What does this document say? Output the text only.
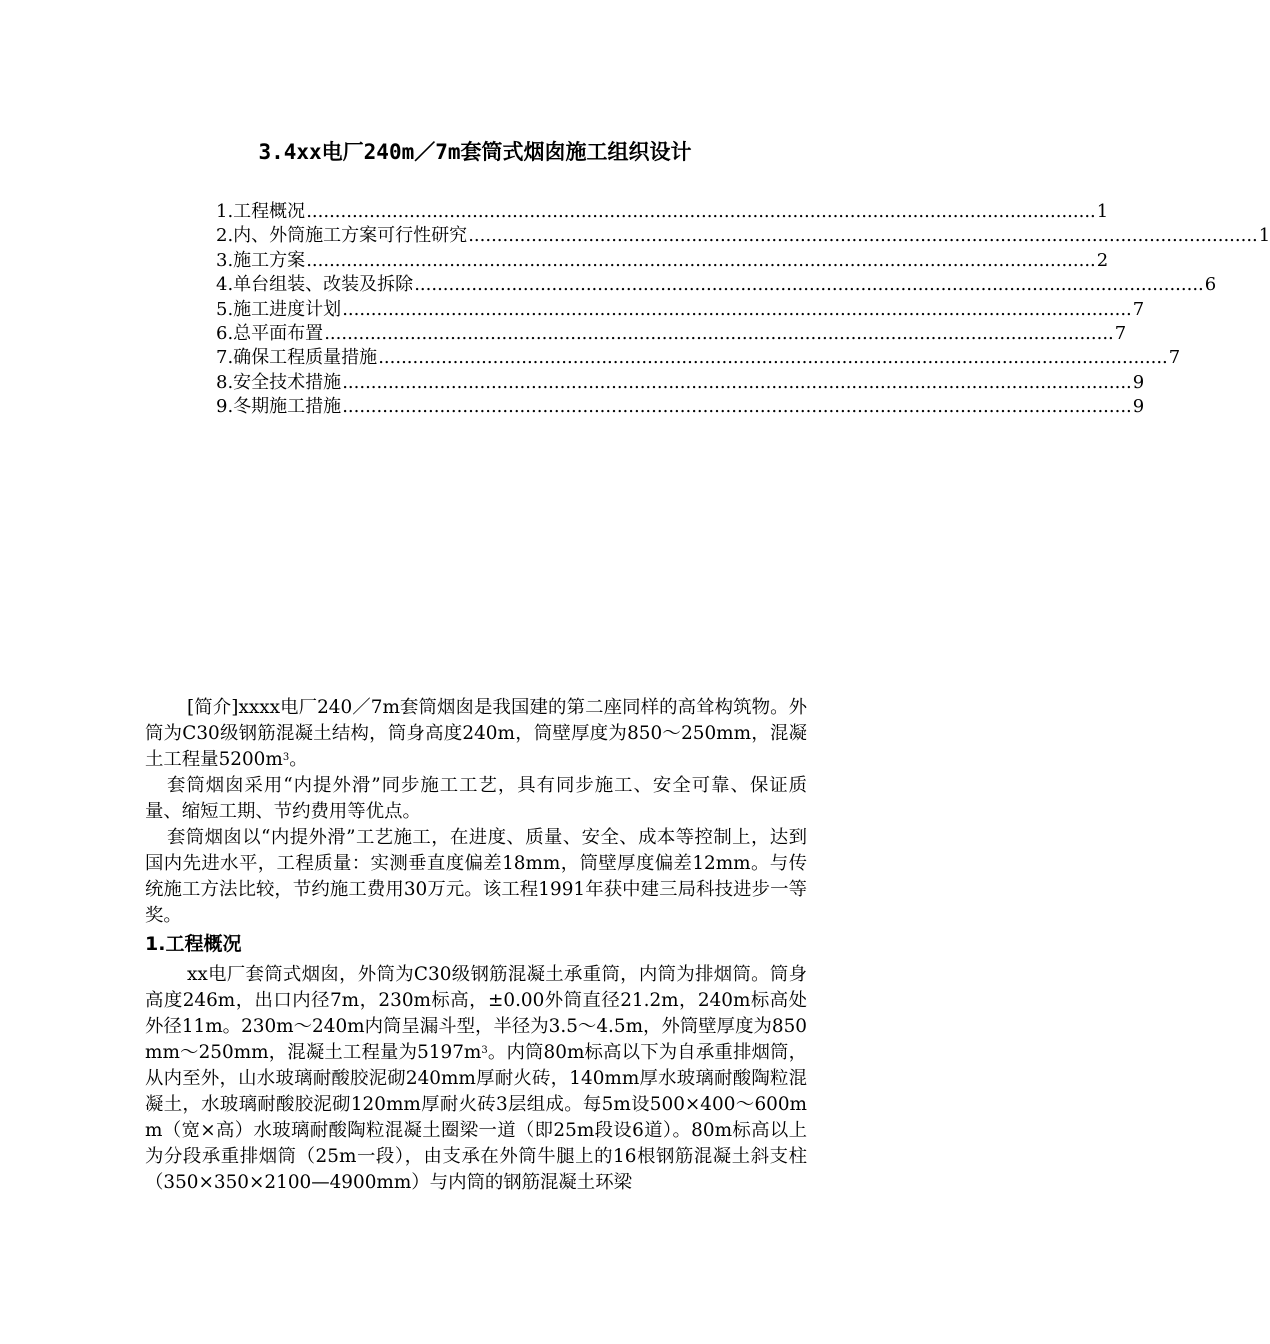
3.4xx电厂240m／7m套筒式烟囱施工组织设计
1.工程概况 .......................................................................................................................................... 1
2.内、外筒施工方案可行性研究 .......................................................................................................................................... 1
3.施工方案 .......................................................................................................................................... 2
4.单台组装、改装及拆除 .......................................................................................................................................... 6
5.施工进度计划 .......................................................................................................................................... 7
6.总平面布置 .......................................................................................................................................... 7
7.确保工程质量措施 .......................................................................................................................................... 7
8.安全技术措施 .......................................................................................................................................... 9
9.冬期施工措施 .......................................................................................................................................... 9

[简介]xxxx电厂240／7m套筒烟囱是我国建的第二座同样的高耸构筑物。外筒为C30级钢筋混凝土结构，筒身高度240m，筒壁厚度为850～250mm，混凝土工程量$5200m^3$。

套筒烟囱采用“内提外滑”同步施工工艺，具有同步施工、安全可靠、保证质量、缩短工期、节约费用等优点。

套筒烟囱以“内提外滑”工艺施工，在进度、质量、安全、成本等控制上，达到国内先进水平，工程质量：实测垂直度偏差18mm，筒壁厚度偏差12mm。与传统施工方法比较，节约施工费用30万元。该工程1991年获中建三局科技进步一等奖。

1.工程概况

xx电厂套筒式烟囱，外筒为C30级钢筋混凝土承重筒，内筒为排烟筒。筒身高度246m，出口内径7m，230m标高，±0.00外筒直径21.2m，240m标高处外径11m。230m～240m内筒呈漏斗型，半径为3.5～4.5m，外筒壁厚度为850mm～250mm，混凝土工程量为$5197m^3$。内筒80m标高以下为自承重排烟筒，从内至外，山水玻璃耐酸胶泥砌240mm厚耐火砖，140mm厚水玻璃耐酸陶粒混凝土，水玻璃耐酸胶泥砌120mm厚耐火砖3层组成。每5m设500×400～600mm（宽×高）水玻璃耐酸陶粒混凝土圈梁一道（即25m段设6道）。80m标高以上为分段承重排烟筒（25m一段），由支承在外筒牛腿上的16根钢筋混凝土斜支柱（350×350×2100—4900mm）与内筒的钢筋混凝土环梁
